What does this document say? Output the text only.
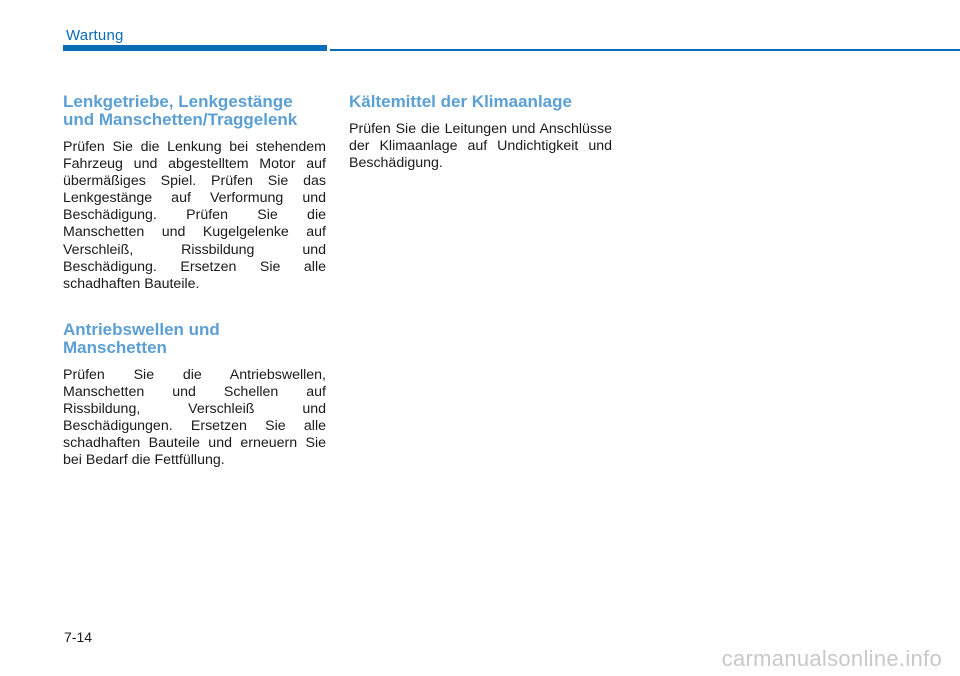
Wartung
Lenkgetriebe, Lenkgestänge und Manschetten/Traggelenk

Prüfen Sie die Lenkung bei stehendem Fahrzeug und abgestelltem Motor auf übermäßiges Spiel. Prüfen Sie das Lenkgestänge auf Verformung und Beschädigung. Prüfen Sie die Manschetten und Kugelgelenke auf Verschleiß, Rissbildung und Beschädigung. Ersetzen Sie alle schadhaften Bauteile.

Antriebswellen und Manschetten

Prüfen Sie die Antriebswellen, Manschetten und Schellen auf Rissbildung, Verschleiß und Beschädigungen. Ersetzen Sie alle schadhaften Bauteile und erneuern Sie bei Bedarf die Fettfüllung.

Kältemittel der Klimaanlage

Prüfen Sie die Leitungen und Anschlüsse der Klimaanlage auf Undichtigkeit und Beschädigung.

7-14
carmanualsonline.info
